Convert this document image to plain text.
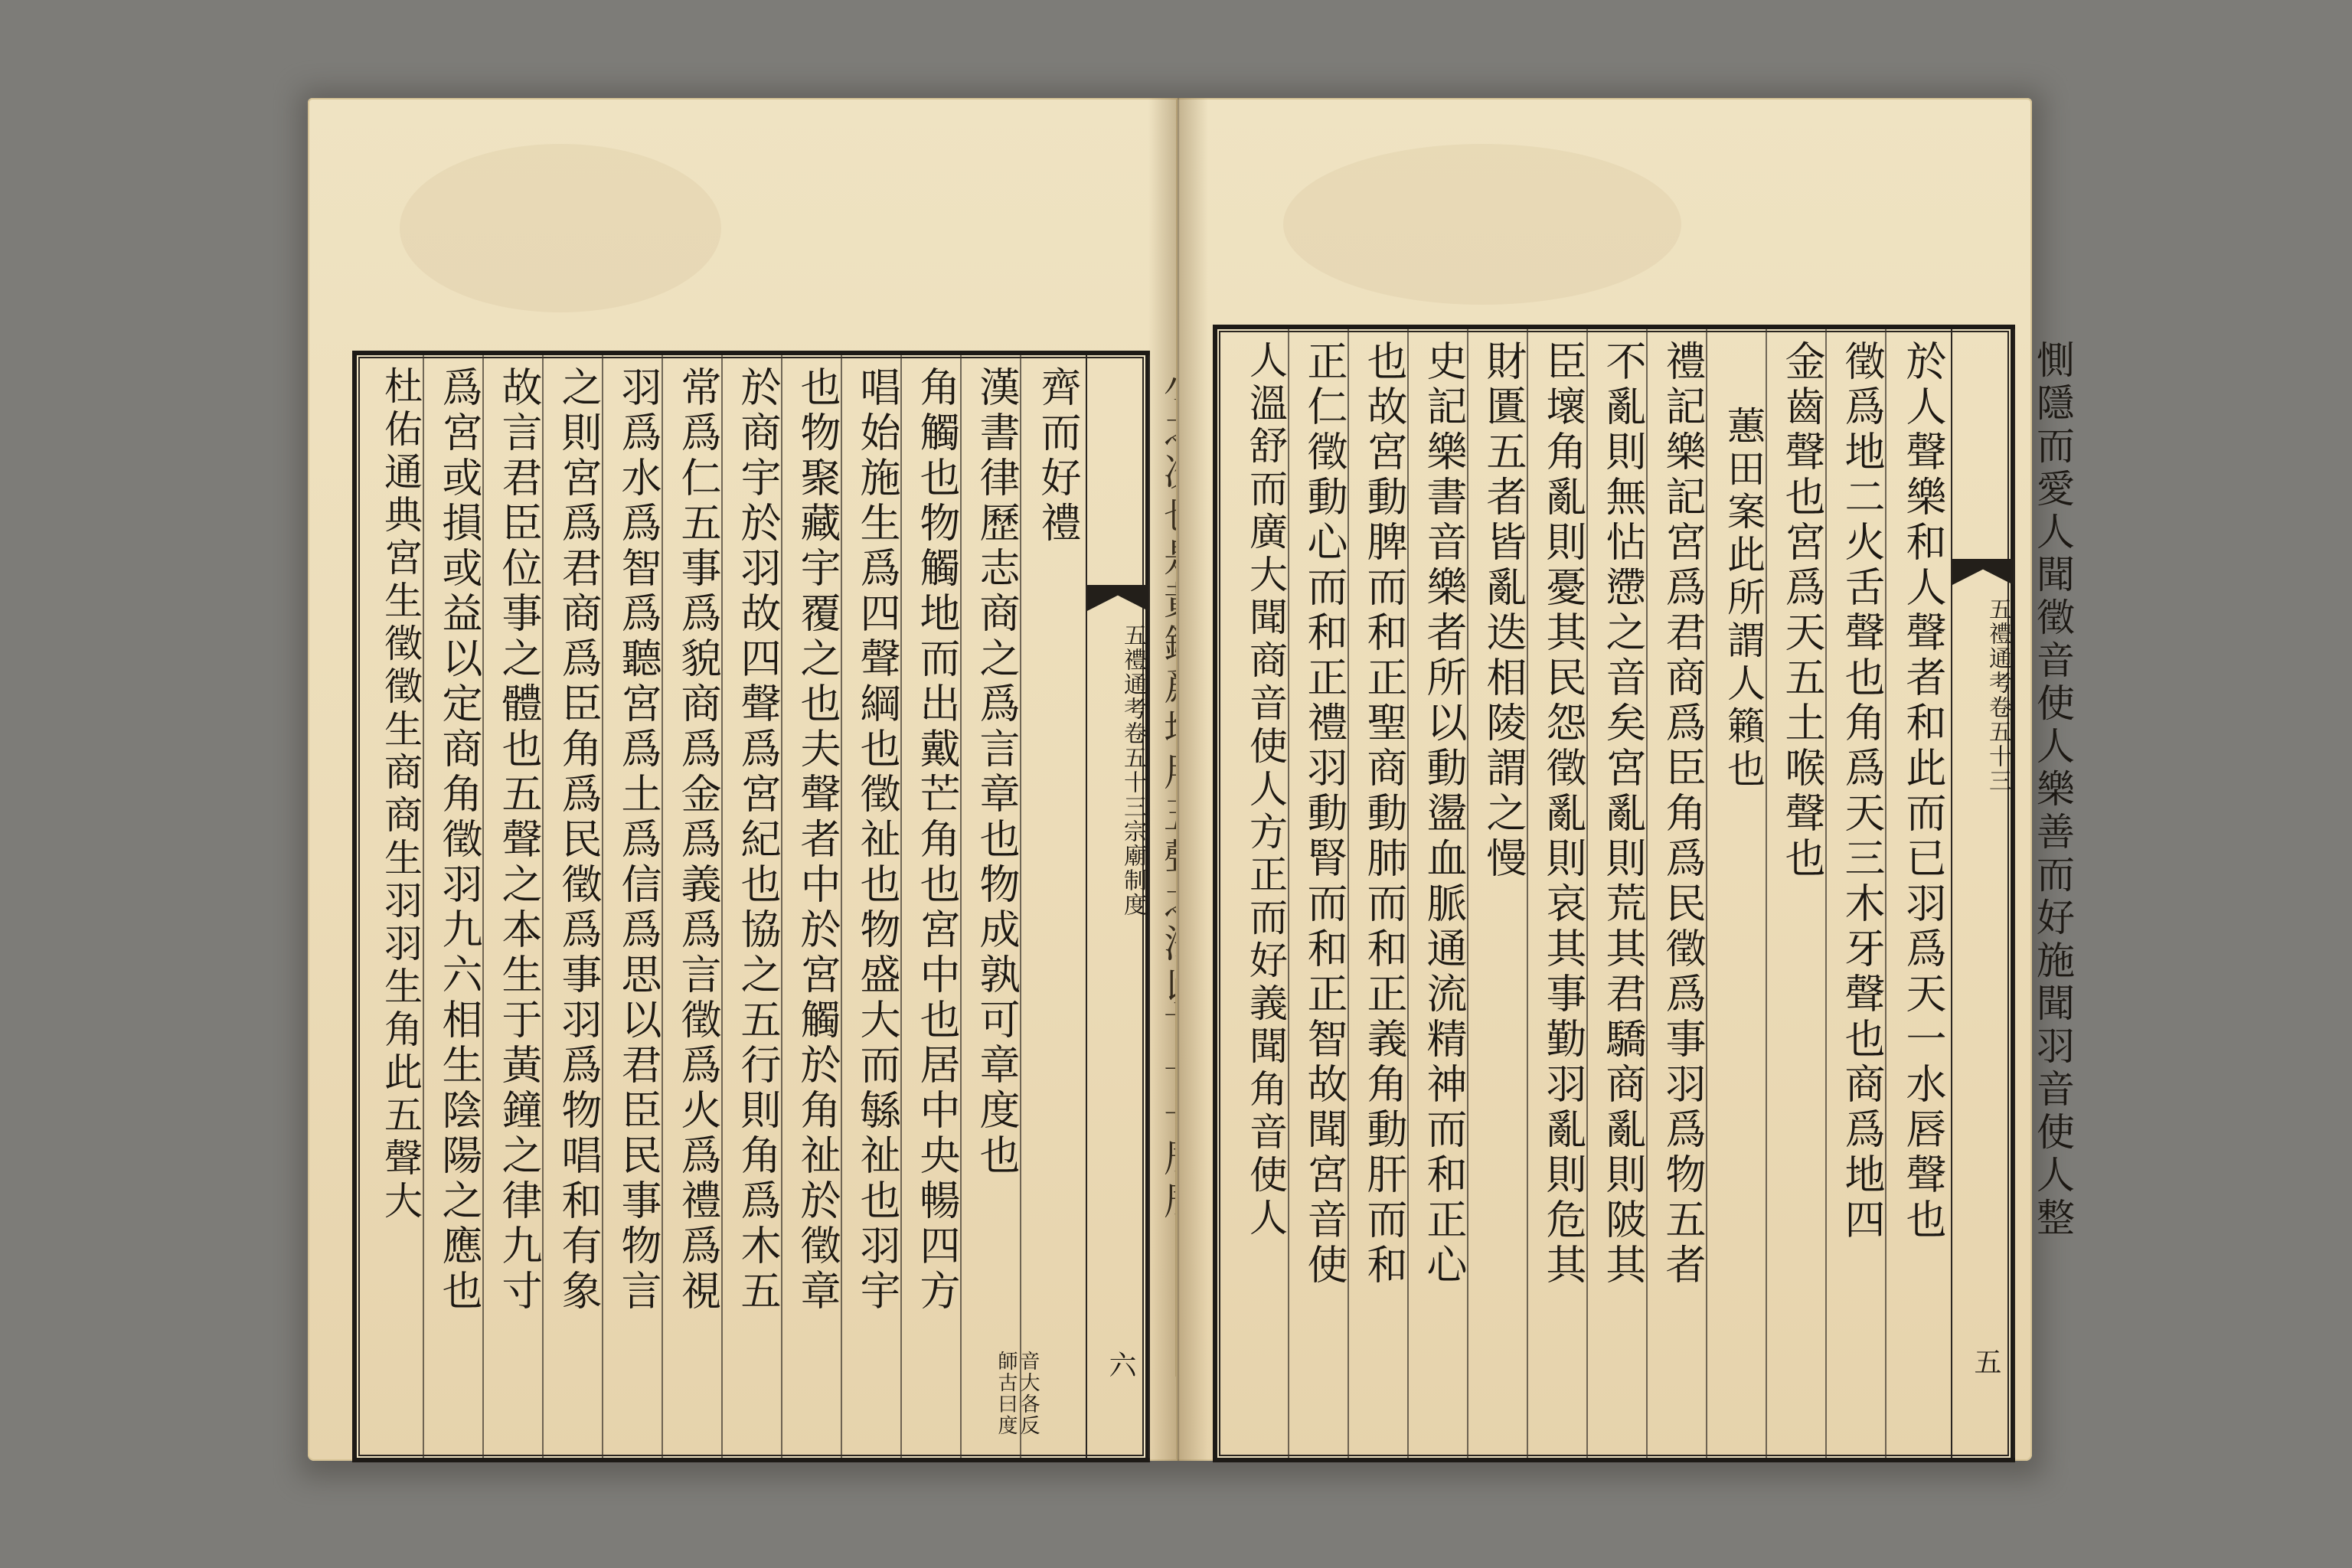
五禮通考卷五十三宗廟制度
六
齊而好禮
漢書律歷志商之爲言章也物成孰可章度也
師古曰度 音大各反
角觸也物觸地而出戴芒角也宮中也居中央暢四方
唱始施生爲四聲綱也徵祉也物盛大而緐祉也羽宇
也物聚藏宇覆之也夫聲者中於宮觸於角祉於徵章
於商宇於羽故四聲爲宮紀也協之五行則角爲木五
常爲仁五事爲貌商爲金爲義爲言徵爲火爲禮爲視
羽爲水爲智爲聽宮爲土爲信爲思以君臣民事物言
之則宮爲君商爲臣角爲民徵爲事羽爲物唱和有象
故言君臣位事之體也五聲之本生于黃鐘之律九寸
爲宮或損或益以定商角徵羽九六相生陰陽之應也
杜佑通典宮生徵徵生商商生羽羽生角此五聲大	五禮通考卷五十三
五
於人聲樂和人聲者和此而已羽爲天一水唇聲也
徵爲地二火舌聲也角爲天三木牙聲也商爲地四
金齒聲也宮爲天五土喉聲也
蕙田案此所謂人籟也
禮記樂記宮爲君商爲臣角爲民徵爲事羽爲物五者
不亂則無怗懘之音矣宮亂則荒其君驕商亂則陂其
臣壞角亂則憂其民怨徵亂則哀其事勤羽亂則危其
財匱五者皆亂迭相陵謂之慢
史記樂書音樂者所以動盪血脈通流精神而和正心
也故宮動脾而和正聖商動肺而和正義角動肝而和
正仁徵動心而和正禮羽動腎而和正智故聞宮音使
人溫舒而廣大聞商音使人方正而好義聞角音使人	惻隱而愛人聞徵音使人樂善而好施聞羽音使人整
